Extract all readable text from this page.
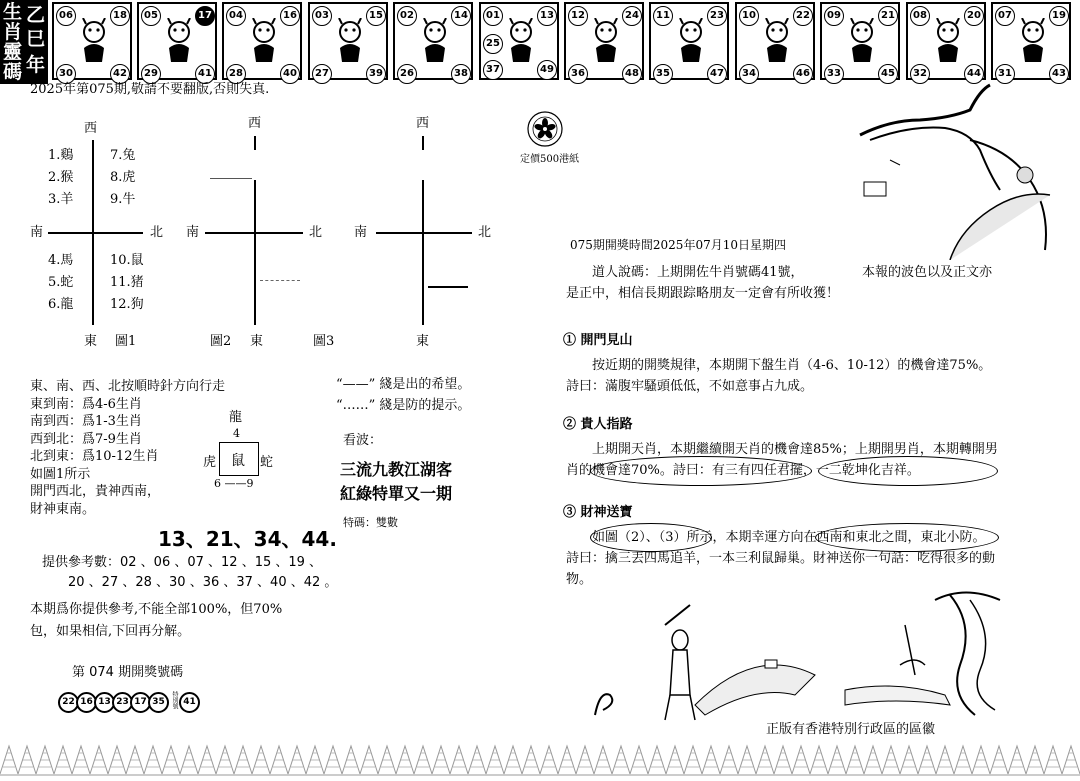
生
肖
靈
碼
乙
巳
年
06	18
30	42
05	17
29	41
04	16
28	40
03	15
27	39
02	14
26	38
01	13
25
37	49
12	24
36	48
11	23
35	47
10	22
34	46
09	21
33	45
08	20
32	44
07	19
31	43
2025年第075期,敬請不要翻版,否則失真.
西
南	北
東 圖1
1.鷄
2.猴
3.羊
4.馬
5.蛇
6.龍
7.兔
8.虎
9.牛
10.鼠
11.猪
12.狗
西
南	北
圖2 東	圖3
西
南	北
東
定價500港紙
東、南、西、北按順時針方向行走
東到南：爲4-6生肖
南到西：爲1-3生肖
西到北：爲7-9生肖
北到東：爲10-12生肖
如圖1所示
開門西北，貴神西南，
財神東南。
“——” 綫是出的希望。
“……” 綫是防的提示。
龍
4
虎 鼠 蛇
6 ——9
看波：
三流九教江湖客
紅綠特單又一期
特碼：雙數
13、21、34、44.
提供參考數：02 、06 、07 、12 、15 、19 、
20 、27 、28 、30 、36 、37 、40 、42 。
本期爲你提供參考,不能全部100%，但70%
包，如果相信,下回再分解。
第 074 期開獎號碼
22 16 13 23 17 35 特別號 41
075期開獎時間2025年07月10日星期四
道人說碼：上期開佐牛肖號碼41號，　　　　　本報的波色以及正文亦是正中，相信長期跟踪略朋友一定會有所收獲！
① 開門見山
按近期的開獎規律，本期開下盤生肖（4-6、10-12）的機會達75%。詩曰：滿腹牢騷頭低低，不如意事占九成。
② 貴人指路
上期開天肖，本期繼續開天肖的機會達85%；上期開男肖，本期轉開男肖的機會達70%。詩曰：有三有四任君擺，一二乾坤化吉祥。
③ 財神送寶
如圖（2）、（3）所示，本期幸運方向在西南和東北之間，東北小防。詩曰：擒三丟四馬追羊，一本三利鼠歸巢。財神送你一句話：吃得很多的動物。
正版有香港特別行政區的區徽
